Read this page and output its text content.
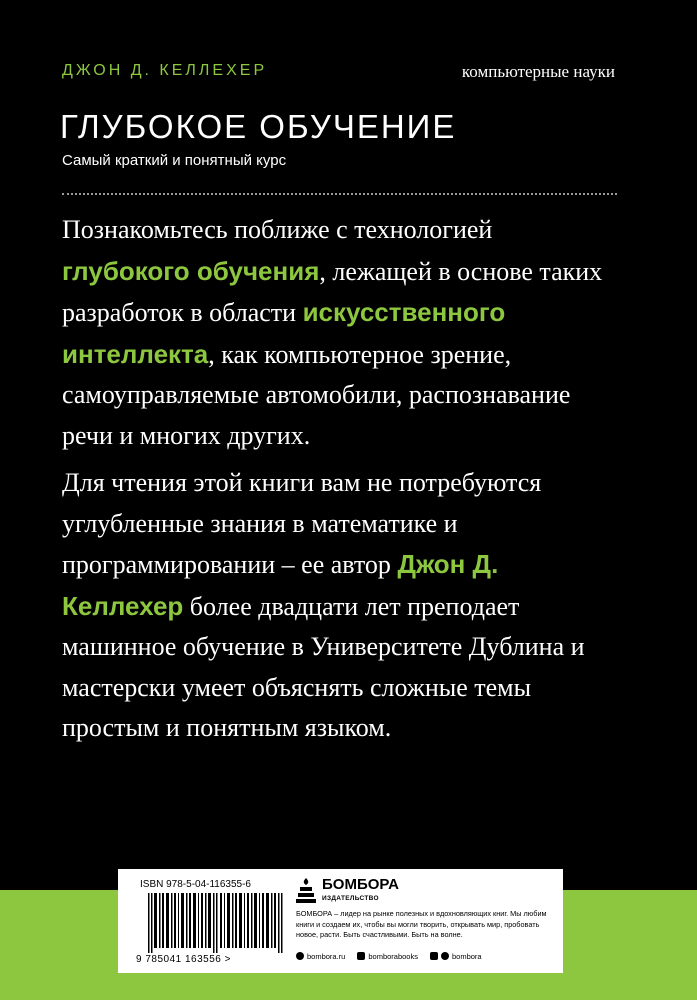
ДЖОН Д. КЕЛЛЕХЕР	компьютерные науки
ГЛУБОКОЕ ОБУЧЕНИЕ
Самый краткий и понятный курс

Познакомьтесь поближе с технологией глубокого обучения, лежащей в основе таких разработок в области искусственного интеллекта, как компьютерное зрение, самоуправляемые автомобили, распознавание речи и многих других.

Для чтения этой книги вам не потребуются углубленные знания в математике и программировании – ее автор Джон Д. Келлехер более двадцати лет преподает машинное обучение в Университете Дублина и мастерски умеет объяснять сложные темы простым и понятным языком.

ISBN 978-5-04-116355-6
9 785041 163556 >
БОМБОРА
ИЗДАТЕЛЬСТВО

БОМБОРА – лидер на рынке полезных и вдохновляющих книг. Мы любим книги и создаем их, чтобы вы могли творить, открывать мир, пробовать новое, расти. Быть счастливыми. Быть на волне.

bombora.ru	bomborabooks	bombora
